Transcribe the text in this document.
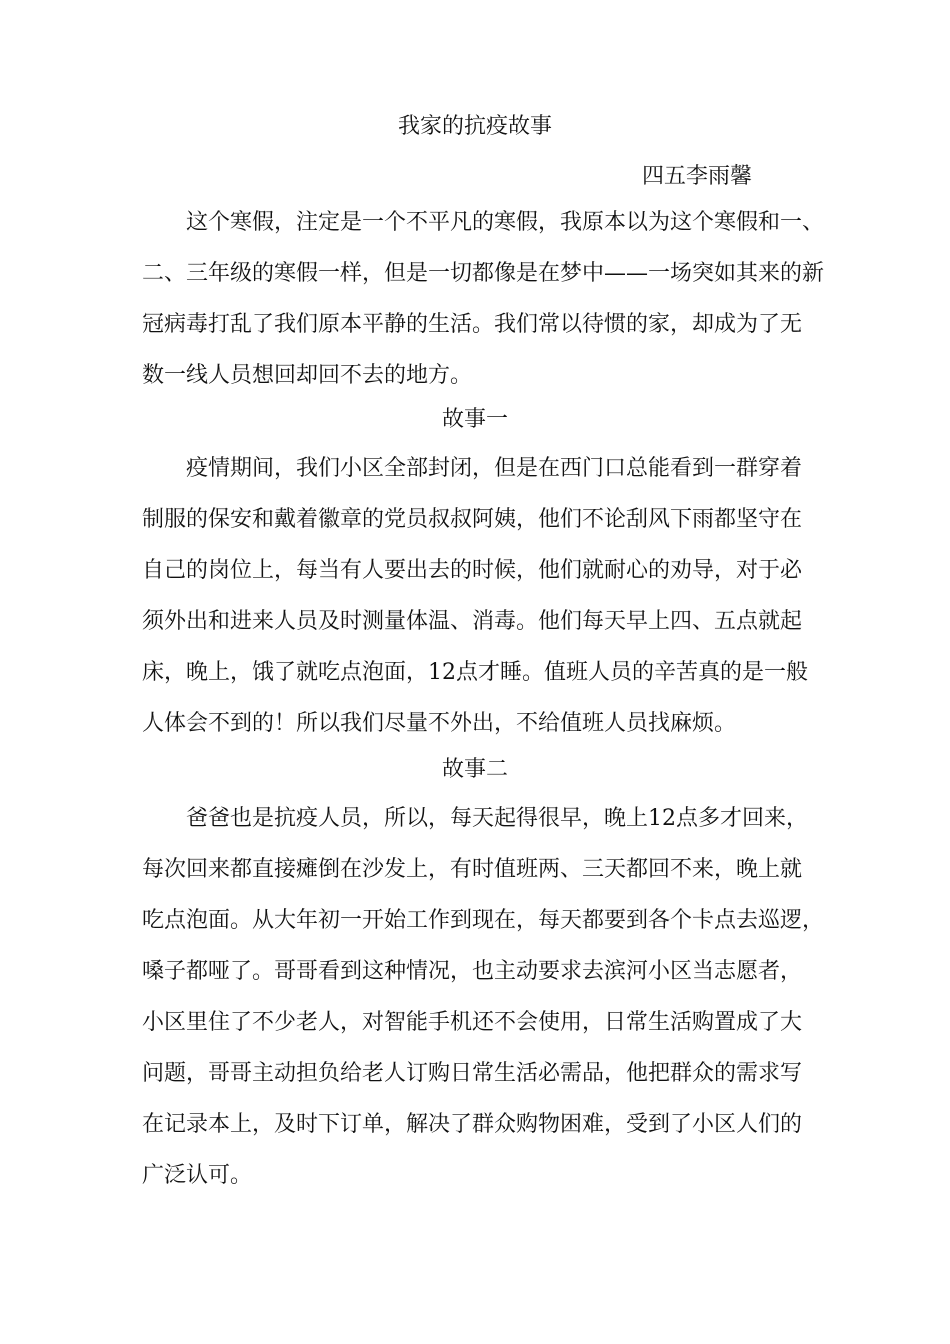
我家的抗疫故事
四五李雨馨
这个寒假，注定是一个不平凡的寒假，我原本以为这个寒假和一、
二、三年级的寒假一样，但是一切都像是在梦中——一场突如其来的新
冠病毒打乱了我们原本平静的生活。我们常以待惯的家，却成为了无
数一线人员想回却回不去的地方。
故事一
疫情期间，我们小区全部封闭，但是在西门口总能看到一群穿着
制服的保安和戴着徽章的党员叔叔阿姨，他们不论刮风下雨都坚守在
自己的岗位上，每当有人要出去的时候，他们就耐心的劝导，对于必
须外出和进来人员及时测量体温、消毒。他们每天早上四、五点就起
床，晚上，饿了就吃点泡面，12点才睡。值班人员的辛苦真的是一般
人体会不到的！所以我们尽量不外出，不给值班人员找麻烦。
故事二
爸爸也是抗疫人员，所以，每天起得很早，晚上12点多才回来，
每次回来都直接瘫倒在沙发上，有时值班两、三天都回不来，晚上就
吃点泡面。从大年初一开始工作到现在，每天都要到各个卡点去巡逻，
嗓子都哑了。哥哥看到这种情况，也主动要求去滨河小区当志愿者，
小区里住了不少老人，对智能手机还不会使用，日常生活购置成了大
问题，哥哥主动担负给老人订购日常生活必需品，他把群众的需求写
在记录本上，及时下订单，解决了群众购物困难，受到了小区人们的
广泛认可。
